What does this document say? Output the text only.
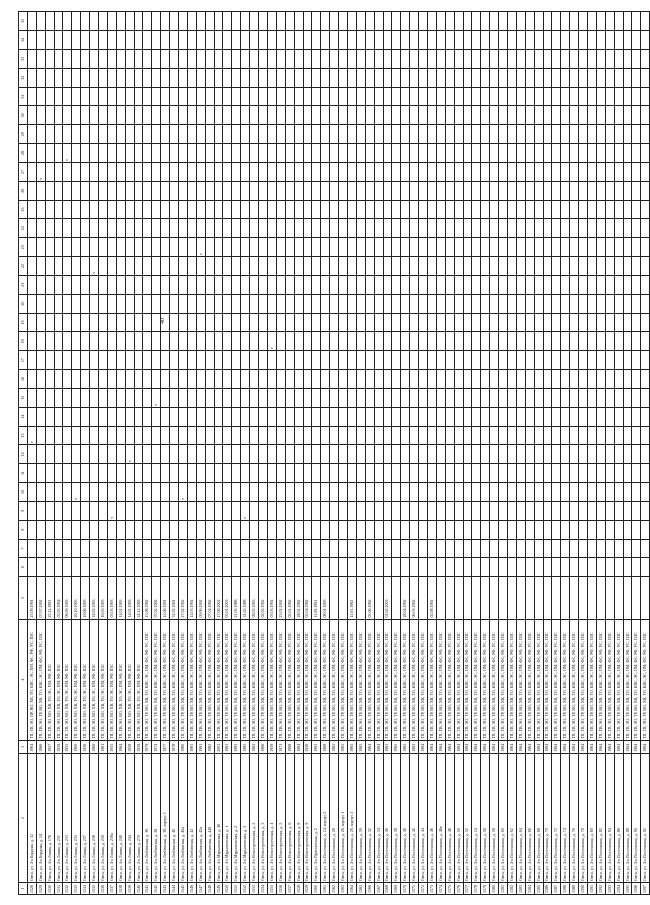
40
1	2	3	4	5	6	7	8	9	10	11	12	13	14	15	16	17	18	19	20	21	22	23	24	25	26	27	28	29	30	31	32	33	34	35
1528	Омск, ул. 4-я Кордная, д. 52	1964	ТП, ГВ, ЭО, ПР, ВО, ХВ, ТО, КВС, ЭС, ПМ, ФС, РФ, УС, ПЗС	25.09.1991								v																						
1529	Омск, ул. 4-я Кордная, д. 54	1966	ТП, ГВ, ЭО, ТР, ВО, ХВ, ТО, КВС, ЭС, ПМ, ФС, РФ, УС, ПЗС	07.07.1992																						v								
1530	Омск, ул. 4-я Линия, д. 176	1957	ТП, ГВ, ЭО, ВО, ХВ, ТО, ЭС, ПМ, РФ, ПЗС	23.11.1993																														
1531	Омск, ул. 4-я Линия, д. 231	1959	ТП, ГВ, ЭО, ВО, ХВ, ТО, ЭС, ПМ, РФ, ПЗС	05.03.1994																														
1532	Омск, ул. 4-я Линия, д. 233	1955	ТП, ГВ, ЭО, ВО, ХВ, ТО, ЭС, ПМ, РФ, ПЗС	06.09.1993																							v							
1533	Омск, ул. 4-я Линия, д. 235	1960	ТП, ГВ, ЭО, ВО, ХВ, ТО, ЭС, ПМ, РФ, ПЗС	20.10.1993					v																									
1534	Омск, ул. 4-я Линия, д. 237	1956	ТП, ГВ, ЭО, ВО, ХВ, ТО, ЭС, ПМ, РФ, ПЗС	19.06.1993																														
1535	Омск, ул. 4-я Линия, д. 238	1960	ТП, ГВ, ЭО, ВО, ХВ, ТО, ЭС, ПМ, РФ, ПЗС	24.05.1993																	v													
1536	Омск, ул. 4-я Линия, д. 239	1961	ТП, ГВ, ЭО, ВО, ХВ, ТО, ЭС, ПМ, РФ, ПЗС	16.03.1993																														
1537	Омск, ул. 4-я Линия, д. 239а	1955	ТП, ГВ, ЭО, ВО, ХВ, ТО, ЭС, ПМ, РФ, ПЗС	03.03.1993				v																										
1538	Омск, ул. 4-я Линия, д. 240	1964	ТП, ГВ, ЭО, ВО, ХВ, ТО, ЭС, ПМ, РФ, ПЗС	14.01.1993																														
1539	Омск, ул. 4-я Линия, д. 244	1958	ТП, ГВ, ЭО, ВО, ХВ, ТО, ЭС, ПМ, РФ, ПЗС	14.01.1993							v																							
1540	Омск, ул. 4-я Линия, д. 270	1959	ТП, ГВ, ЭО, ВО, ХВ, ТО, ЭС, ПМ, РФ, ПЗС	24.12.1993																														
1541	Омск, ул. 4-я Любинская, д. 36	1979	ТП, ГВ, ЭО, ТР, ВО, ХВ, ТО, КВС, ЭС, ПМ, ФС, РФ, УС, ПЗС	15.06.1992																														
1542	Омск, ул. 4-я Любинская, д. 38	1974	ТП, ГВ, ЭО, ТР, ВО, ХВ, ТО, КВС, ЭС, ПМ, ФС, РФ, УС, ПЗС	07.02.1992										v																				
1543	Омск, ул. 4-я Любинская, д. 38, корпус 1	1977	ТП, ГВ, ЭО, ТР, ВО, ХВ, ТО, КВС, ЭС, ПМ, ФС, РФ, УС, ПЗС	12.06.1991																														
1544	Омск, ул. 4-я Любинская, д. 40	1978	ТП, ГВ, ЭО, ТР, ВО, ХВ, ТО, КВС, ЭС, ПМ, ФС, РФ, УС, ПЗС	31.03.1991																														
1545	Омск, ул. 4-я Любинская, д. 40а	1980	ТП, ГВ, ЭО, ТР, ВО, ХВ, ТО, КВС, ЭС, ПМ, ФС, РФ, УС, ПЗС	27.02.1992					v																									
1546	Омск, ул. 4-я Любинская, д. 42	1981	ТП, ГВ, ЭО, ТР, ВО, ХВ, ТО, КВС, ЭС, ПМ, ФС, РФ, УС, ПЗС	14.03.1992																														
1547	Омск, ул. 4-я Любинская, д. 42а	1981	ТП, ГВ, ЭО, ТР, ВО, ХВ, ТО, КВС, ЭС, ПМ, ФС, РФ, УС, ПЗС	09.06.1992																		v												
1548	Омск, ул. 4-я Любинская, д. 44б	1982	ТП, ГВ, ЭО, ТР, ВО, ХВ, ТО, КВС, ЭС, ПМ, ФС, РФ, УС, ПЗС	07.04.1992																														
1549	Омск, ул. 4-я Марьяновская, д. 40	2001	ТП, ГВ, ЭО, ТР, ВО, ХВ, ТО, КВС, ЭС, ПМ, ФС, РФ, УС, ПЗС	17.06.2002																														
1550	Омск, ул. 4-я Марьяновская, д. 1	1963	ТП, ГВ, ЭО, ТР, ВО, ХВ, ТО, КВС, ЭС, ПМ, ФС, РФ, УС, ПЗС	05.01.2003																														
1551	Омск, ул. 4-я Марьяновская, д. 2	1983	ТП, ГВ, ЭО, ТР, ВО, ХВ, ТО, КВС, ЭС, ПМ, ФС, РФ, УС, ПЗС	21.05.1988																														
1552	Омск, ул. 4-я Марьяновская, д. 3	1985	ТП, ГВ, ЭО, ТР, ВО, ХВ, ТО, КВС, ЭС, ПМ, ФС, РФ, УС, ПЗС	31.03.1988				v																										
1553	Омск, ул. 4-я Новостроевская, д. 2	1962	ТП, ГВ, ЭО, ТР, ВО, ХВ, ТО, КВС, ЭС, ПМ, ФС, РФ, УС, ПЗС	09.03.1993																														
1554	Омск, ул. 4-я Новостроевская, д. 3	1966	ТП, ГВ, ЭО, ТР, ВО, ХВ, ТО, КВС, ЭС, ПМ, ФС, РФ, УС, ПЗС	02.05.1992																														
1555	Омск, ул. 4-я Новостроевская, д. 4	1959	ТП, ГВ, ЭО, ТР, ВО, ХВ, ТО, КВС, ЭС, ПМ, ФС, РФ, УС, ПЗС	03.03.1992													v																	
1556	Омск, ул. 4-я Новостроевская, д. 5	1971	ТП, ГВ, ЭО, ТР, ВО, ХВ, ТО, КВС, ЭС, ПМ, ФС, РФ, УС, ПЗС	23.01.1992																														
1557	Омск, ул. 4-я Новостроевская, д. 6	1968	ТП, ГВ, ЭО, ТР, ВО, ХВ, ТО, КВС, ЭС, ПМ, ФС, РФ, УС, ПЗС	05.01.1992																														
1558	Омск, ул. 4-я Новостроевская, д. 8	1964	ТП, ГВ, ЭО, ТР, ВО, ХВ, ТО, КВС, ЭС, ПМ, ФС, РФ, УС, ПЗС	28.01.1992																														
1559	Омск, ул. 4-я Новостроевская, д. 9	1956	ТП, ГВ, ЭО, ТР, ВО, ХВ, ТО, КВС, ЭС, ПМ, ФС, РФ, УС, ПЗС	05.04.1992																														
1560	Омск, ул. 4-я Пристанская, д. 2	1963	ТП, ГВ, ЭО, ТР, ВО, ХВ, ТО, КВС, ЭС, ПМ, ФС, РФ, УС, ПЗС	11.09.1991																														
1561	Омск, ул. 4-я Поселковая, д. 24, корпус 2	1968	ТП, ГВ, ЭО, ТР, ВО, ХВ, ТО, КВС, ЭС, ПМ, ФС, РФ, УС, ПЗС	08.01.1993																														
1562	Омск, ул. 4-я Поселковая, д. 26	1965	ТП, ГВ, ЭО, ТР, ВО, ХВ, ТО, КВС, ЭС, ПМ, ФС, РФ, УС, ПЗС																															
1563	Омск, ул. 4-я Поселковая, д. 26, корпус 1	1965	ТП, ГВ, ЭО, ТР, ВО, ХВ, ТО, КВС, ЭС, ПМ, ФС, РФ, УС, ПЗС																															
1564	Омск, ул. 4-я Поселковая, д. 26, корпус 2	1965	ТП, ГВ, ЭО, ТР, ВО, ХВ, ТО, КВС, ЭС, ПМ, ФС, РФ, УС, ПЗС	11.03.1992																														
1565	Омск, ул. 4-я Поселковая, д. 30	1965	ТП, ГВ, ЭО, ТР, ВО, ХВ, ТО, КВС, ЭС, ПМ, ФС, РФ, УС, ПЗС																															
1566	Омск, ул. 4-я Поселковая, д. 32	1964	ТП, ГВ, ЭО, ТР, ВО, ХВ, ТО, КВС, ЭС, ПМ, ФС, РФ, УС, ПЗС	05.06.1992																														
1567	Омск, ул. 4-я Поселковая, д. 34	1964	ТП, ГВ, ЭО, ТР, ВО, ХВ, ТО, КВС, ЭС, ПМ, ФС, РФ, УС, ПЗС																															
1568	Омск, ул. 4-я Поселковая, д. 36	1963	ТП, ГВ, ЭО, ТР, ВО, ХВ, ТО, КВС, ЭС, ПМ, ФС, РФ, УС, ПЗС	01.02.2003																														
1569	Омск, ул. 4-я Поселковая, д. 38	1965	ТП, ГВ, ЭО, ТР, ВО, ХВ, ТО, КВС, ЭС, ПМ, ФС, РФ, УС, ПЗС																															
1570	Омск, ул. 4-я Поселковая, д. 40	1965	ТП, ГВ, ЭО, ТР, ВО, ХВ, ТО, КВС, ЭС, ПМ, ФС, РФ, УС, ПЗС	28.04.1992																														
1571	Омск, ул. 4-я Поселковая, д. 42	1963	ТП, ГВ, ЭО, ТР, ВО, ХВ, ТО, КВС, ЭС, ПМ, ФС, РФ, УС, ПЗС	06.03.1992																														
1572	Омск, ул. 4-я Поселковая, д. 44	1964	ТП, ГВ, ЭО, ТР, ВО, ХВ, ТО, КВС, ЭС, ПМ, ФС, РФ, УС, ПЗС																															
1573	Омск, ул. 4-я Поселковая, д. 46	1964	ТП, ГВ, ЭО, ТР, ВО, ХВ, ТО, КВС, ЭС, ПМ, ФС, РФ, УС, ПЗС	02.08.1992																														
1574	Омск, ул. 4-я Поселковая, д. 46а	1964	ТП, ГВ, ЭО, ТР, ВО, ХВ, ТО, КВС, ЭС, ПМ, ФС, РФ, УС, ПЗС																															
1575	Омск, ул. 4-я Поселковая, д. 48	1964	ТП, ГВ, ЭО, ТР, ВО, ХВ, ТО, КВС, ЭС, ПМ, ФС, РФ, УС, ПЗС																															
1576	Омск, ул. 4-я Поселковая, д. 50	1964	ТП, ГВ, ЭО, ТР, ВО, ХВ, ТО, КВС, ЭС, ПМ, ФС, РФ, УС, ПЗС																															
1577	Омск, ул. 4-я Поселковая, д. 52	1964	ТП, ГВ, ЭО, ТР, ВО, ХВ, ТО, КВС, ЭС, ПМ, ФС, РФ, УС, ПЗС																															
1578	Омск, ул. 4-я Поселковая, д. 54	1964	ТП, ГВ, ЭО, ТР, ВО, ХВ, ТО, КВС, ЭС, ПМ, ФС, РФ, УС, ПЗС																															
1579	Омск, ул. 4-я Поселковая, д. 56	1964	ТП, ГВ, ЭО, ТР, ВО, ХВ, ТО, КВС, ЭС, ПМ, ФС, РФ, УС, ПЗС																															
1580	Омск, ул. 4-я Поселковая, д. 58	1964	ТП, ГВ, ЭО, ТР, ВО, ХВ, ТО, КВС, ЭС, ПМ, ФС, РФ, УС, ПЗС																															
1581	Омск, ул. 4-я Поселковая, д. 60	1964	ТП, ГВ, ЭО, ТР, ВО, ХВ, ТО, КВС, ЭС, ПМ, ФС, РФ, УС, ПЗС																															
1582	Омск, ул. 4-я Поселковая, д. 62	1964	ТП, ГВ, ЭО, ТР, ВО, ХВ, ТО, КВС, ЭС, ПМ, ФС, РФ, УС, ПЗС																															
1583	Омск, ул. 4-я Поселковая, д. 64	1964	ТП, ГВ, ЭО, ТР, ВО, ХВ, ТО, КВС, ЭС, ПМ, ФС, РФ, УС, ПЗС																															
1584	Омск, ул. 4-я Поселковая, д. 66	1964	ТП, ГВ, ЭО, ТР, ВО, ХВ, ТО, КВС, ЭС, ПМ, ФС, РФ, УС, ПЗС																															
1585	Омск, ул. 4-я Поселковая, д. 68	1964	ТП, ГВ, ЭО, ТР, ВО, ХВ, ТО, КВС, ЭС, ПМ, ФС, РФ, УС, ПЗС																															
1586	Омск, ул. 4-я Поселковая, д. 70	1964	ТП, ГВ, ЭО, ТР, ВО, ХВ, ТО, КВС, ЭС, ПМ, ФС, РФ, УС, ПЗС																															
1587	Омск, ул. 4-я Поселковая, д. 72	1964	ТП, ГВ, ЭО, ТР, ВО, ХВ, ТО, КВС, ЭС, ПМ, ФС, РФ, УС, ПЗС																															
1588	Омск, ул. 4-я Поселковая, д. 74	1964	ТП, ГВ, ЭО, ТР, ВО, ХВ, ТО, КВС, ЭС, ПМ, ФС, РФ, УС, ПЗС																															
1589	Омск, ул. 4-я Поселковая, д. 76	1964	ТП, ГВ, ЭО, ТР, ВО, ХВ, ТО, КВС, ЭС, ПМ, ФС, РФ, УС, ПЗС																															
1590	Омск, ул. 4-я Поселковая, д. 78	1964	ТП, ГВ, ЭО, ТР, ВО, ХВ, ТО, КВС, ЭС, ПМ, ФС, РФ, УС, ПЗС																															
1591	Омск, ул. 4-я Поселковая, д. 80	1964	ТП, ГВ, ЭО, ТР, ВО, ХВ, ТО, КВС, ЭС, ПМ, ФС, РФ, УС, ПЗС																															
1592	Омск, ул. 4-я Поселковая, д. 82	1964	ТП, ГВ, ЭО, ТР, ВО, ХВ, ТО, КВС, ЭС, ПМ, ФС, РФ, УС, ПЗС																															
1593	Омск, ул. 4-я Поселковая, д. 84	1964	ТП, ГВ, ЭО, ТР, ВО, ХВ, ТО, КВС, ЭС, ПМ, ФС, РФ, УС, ПЗС																															
1594	Омск, ул. 4-я Поселковая, д. 86	1964	ТП, ГВ, ЭО, ТР, ВО, ХВ, ТО, КВС, ЭС, ПМ, ФС, РФ, УС, ПЗС																															
1595	Омск, ул. 4-я Поселковая, д. 88	1964	ТП, ГВ, ЭО, ТР, ВО, ХВ, ТО, КВС, ЭС, ПМ, ФС, РФ, УС, ПЗС																															
1596	Омск, ул. 4-я Поселковая, д. 90	1964	ТП, ГВ, ЭО, ТР, ВО, ХВ, ТО, КВС, ЭС, ПМ, ФС, РФ, УС, ПЗС																															
1597	Омск, ул. 4-я Поселковая, д. 92	1964	ТП, ГВ, ЭО, ТР, ВО, ХВ, ТО, КВС, ЭС, ПМ, ФС, РФ, УС, ПЗС																															
